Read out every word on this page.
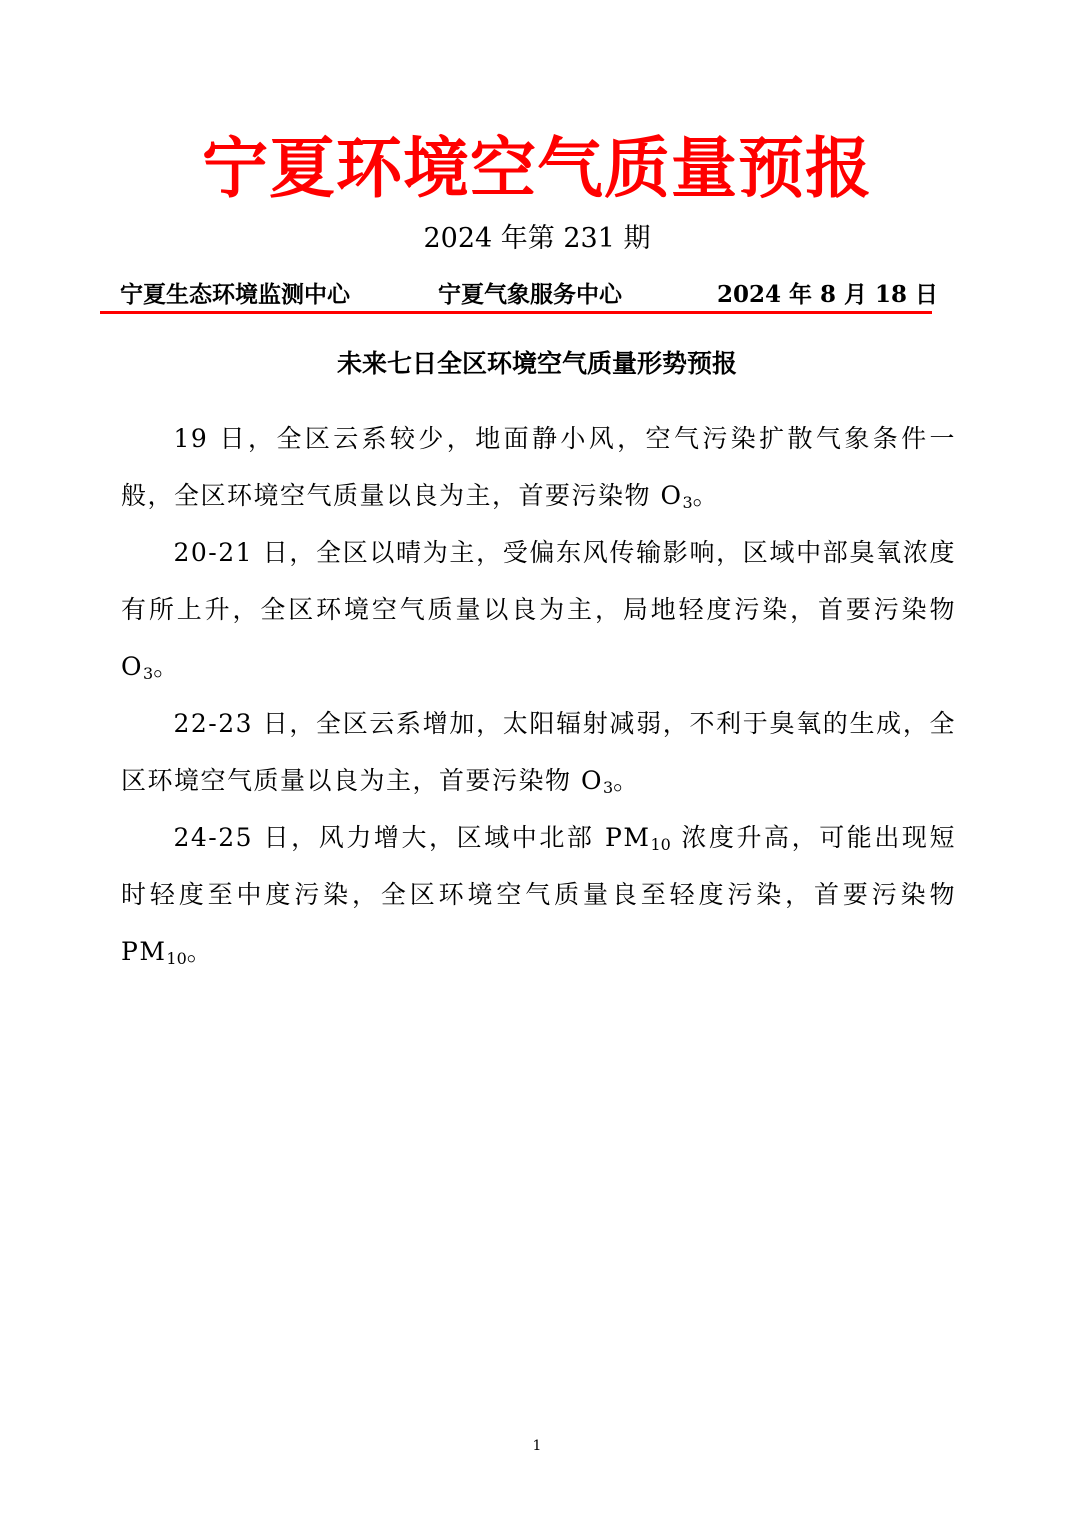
宁夏环境空气质量预报
2024 年第 231 期
宁夏生态环境监测中心	宁夏气象服务中心	2024 年 8 月 18 日
未来七日全区环境空气质量形势预报

19 日，全区云系较少，地面静小风，空气污染扩散气象条件一般，全区环境空气质量以良为主，首要污染物 $O_3$。

20-21 日，全区以晴为主，受偏东风传输影响，区域中部臭氧浓度有所上升，全区环境空气质量以良为主，局地轻度污染，首要污染物 $O_3$。

22-23 日，全区云系增加，太阳辐射减弱，不利于臭氧的生成，全区环境空气质量以良为主，首要污染物 $O_3$。

24-25 日，风力增大，区域中北部 $PM_{10}$ 浓度升高，可能出现短时轻度至中度污染，全区环境空气质量良至轻度污染，首要污染物 $PM_{10}$。

1
